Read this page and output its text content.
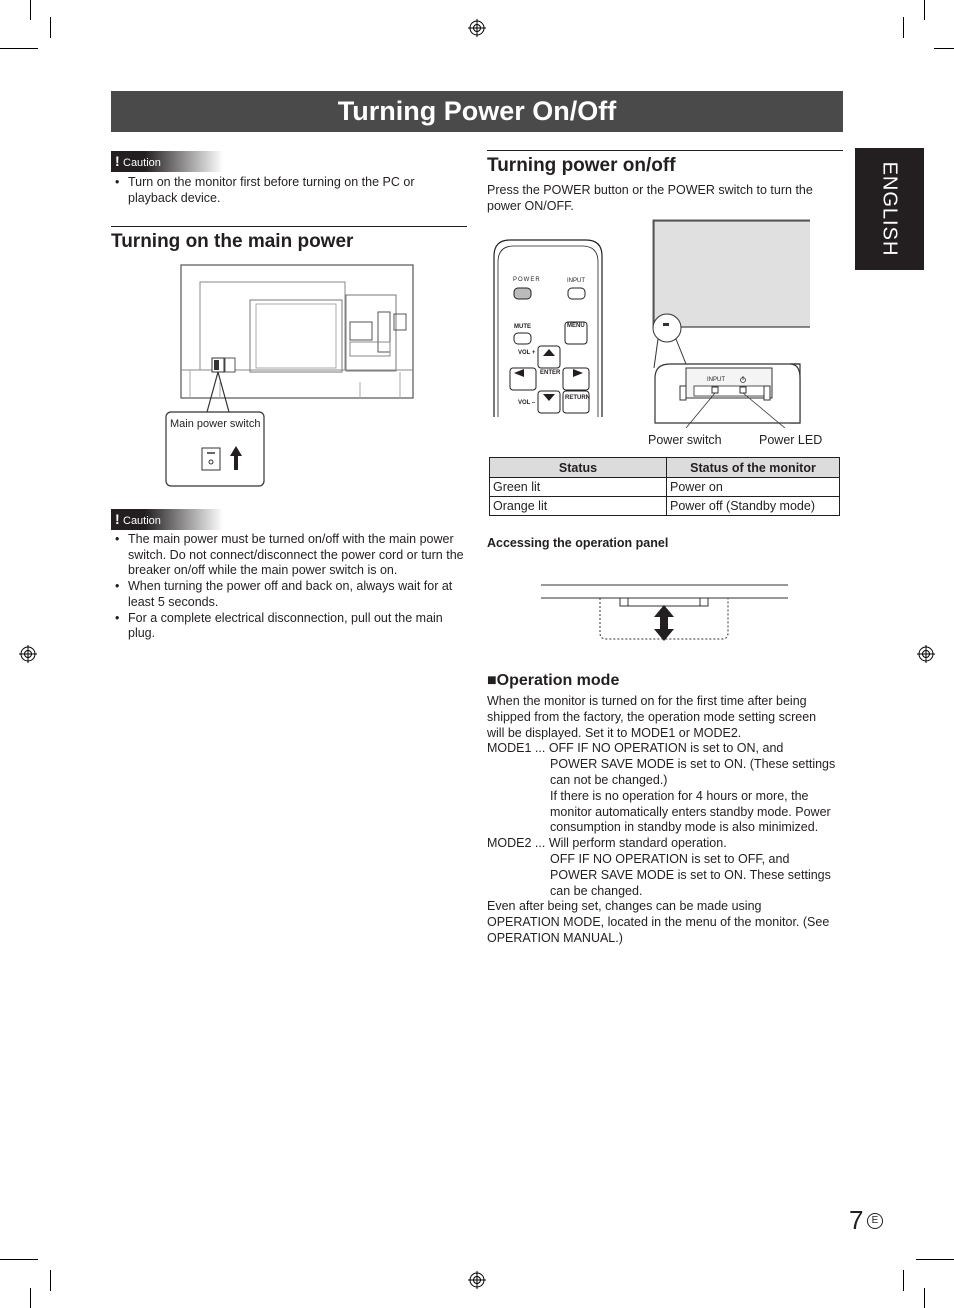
Turning Power On/Off
ENGLISH
! Caution
• Turn on the monitor first before turning on the PC or playback device.
Turning on the main power
Main power switch
! Caution
• The main power must be turned on/off with the main power switch. Do not connect/disconnect the power cord or turn the breaker on/off while the main power switch is on.
• When turning the power off and back on, always wait for at least 5 seconds.
• For a complete electrical disconnection, pull out the main plug.
Turning power on/off

Press the POWER button or the POWER switch to turn the power ON/OFF.

POWER	INPUT
MUTE	MENU
VOL +
ENTER
VOL –
RETURN
INPUT
Power switch	Power LED
Status	Status of the monitor
Green lit	Power on
Orange lit	Power off (Standby mode)
Accessing the operation panel
■Operation mode
When the monitor is turned on for the first time after being
shipped from the factory, the operation mode setting screen
will be displayed. Set it to MODE1 or MODE2.
MODE1 ... OFF IF NO OPERATION is set to ON, and
POWER SAVE MODE is set to ON. (These settings
can not be changed.)
If there is no operation for 4 hours or more, the
monitor automatically enters standby mode. Power
consumption in standby mode is also minimized.
MODE2 ... Will perform standard operation.
OFF IF NO OPERATION is set to OFF, and
POWER SAVE MODE is set to ON. These settings
can be changed.
Even after being set, changes can be made using
OPERATION MODE, located in the menu of the monitor. (See
OPERATION MANUAL.)
7 E
